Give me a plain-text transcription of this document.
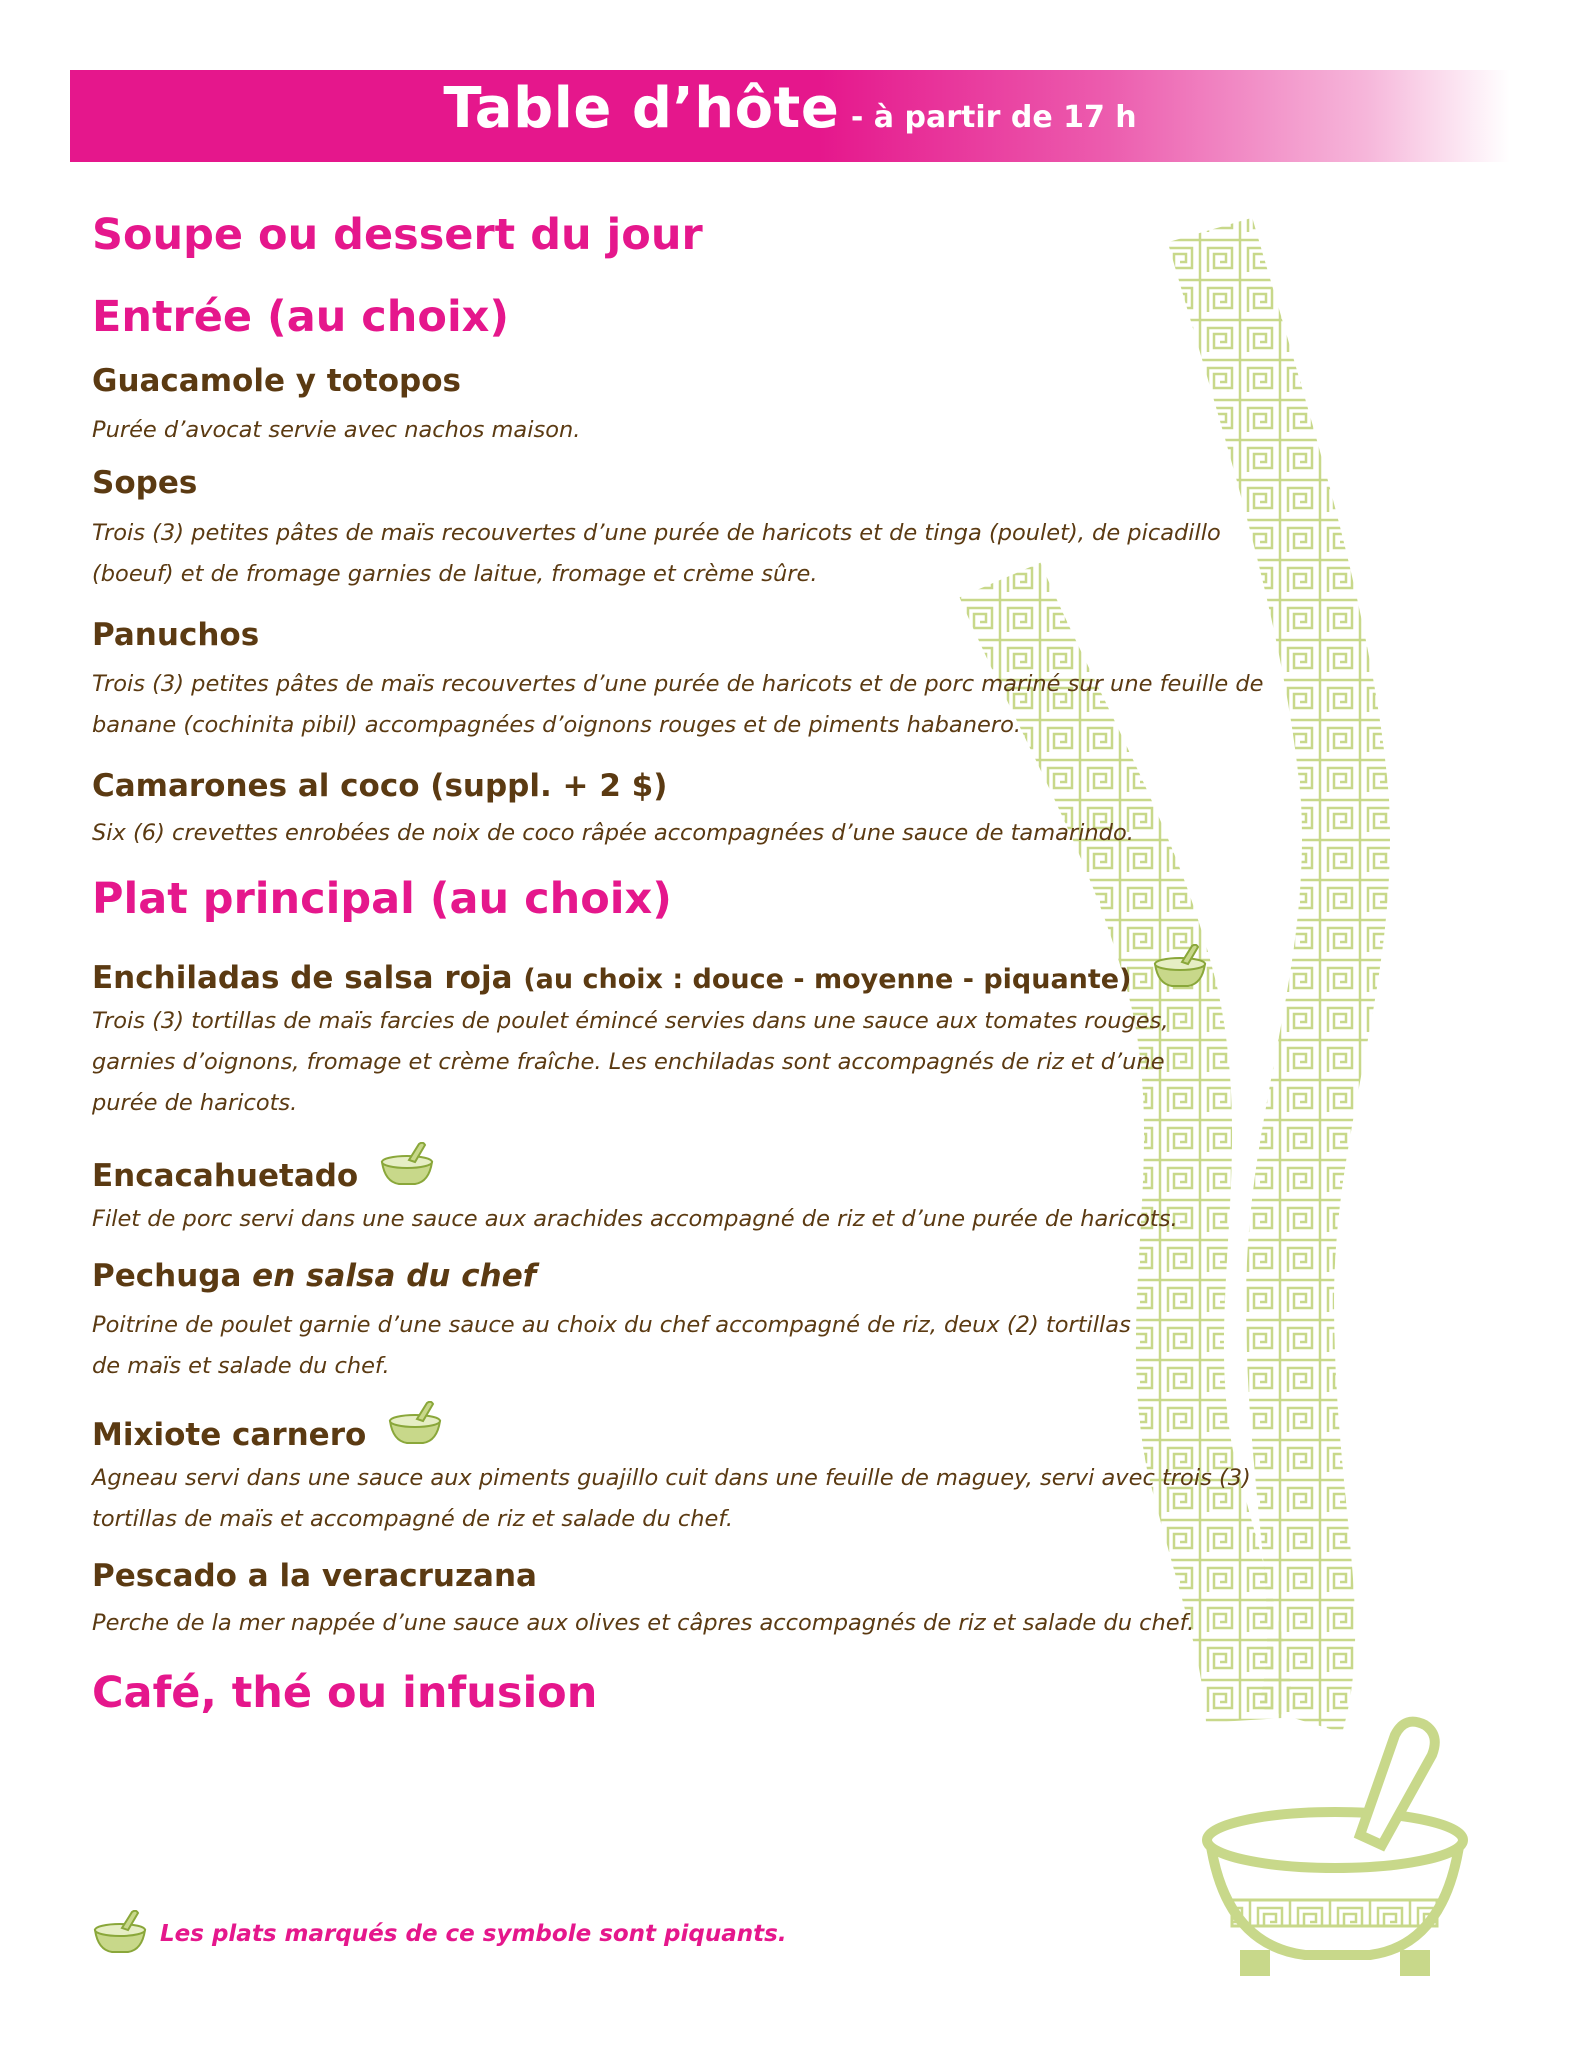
Table d’hôte - à partir de 17 h
Soupe ou dessert du jour
Entrée (au choix)

Guacamole y totopos

Purée d’avocat servie avec nachos maison.

Sopes

Trois (3) petites pâtes de maïs recouvertes d’une purée de haricots et de tinga (poulet), de picadillo

(boeuf) et de fromage garnies de laitue, fromage et crème sûre.

Panuchos

Trois (3) petites pâtes de maïs recouvertes d’une purée de haricots et de porc mariné sur une feuille de

banane (cochinita pibil) accompagnées d’oignons rouges et de piments habanero.

Camarones al coco (suppl. + 2 $)

Six (6) crevettes enrobées de noix de coco râpée accompagnées d’une sauce de tamarindo.

Plat principal (au choix)

Enchiladas de salsa roja (au choix : douce - moyenne - piquante)

Trois (3) tortillas de maïs farcies de poulet émincé servies dans une sauce aux tomates rouges,

garnies d’oignons, fromage et crème fraîche. Les enchiladas sont accompagnés de riz et d’une

purée de haricots.

Encacahuetado

Filet de porc servi dans une sauce aux arachides accompagné de riz et d’une purée de haricots.

Pechuga en salsa du chef

Poitrine de poulet garnie d’une sauce au choix du chef accompagné de riz, deux (2) tortillas

de maïs et salade du chef.

Mixiote carnero

Agneau servi dans une sauce aux piments guajillo cuit dans une feuille de maguey, servi avec trois (3)

tortillas de maïs et accompagné de riz et salade du chef.

Pescado a la veracruzana

Perche de la mer nappée d’une sauce aux olives et câpres accompagnés de riz et salade du chef.

Café, thé ou infusion
Les plats marqués de ce symbole sont piquants.
